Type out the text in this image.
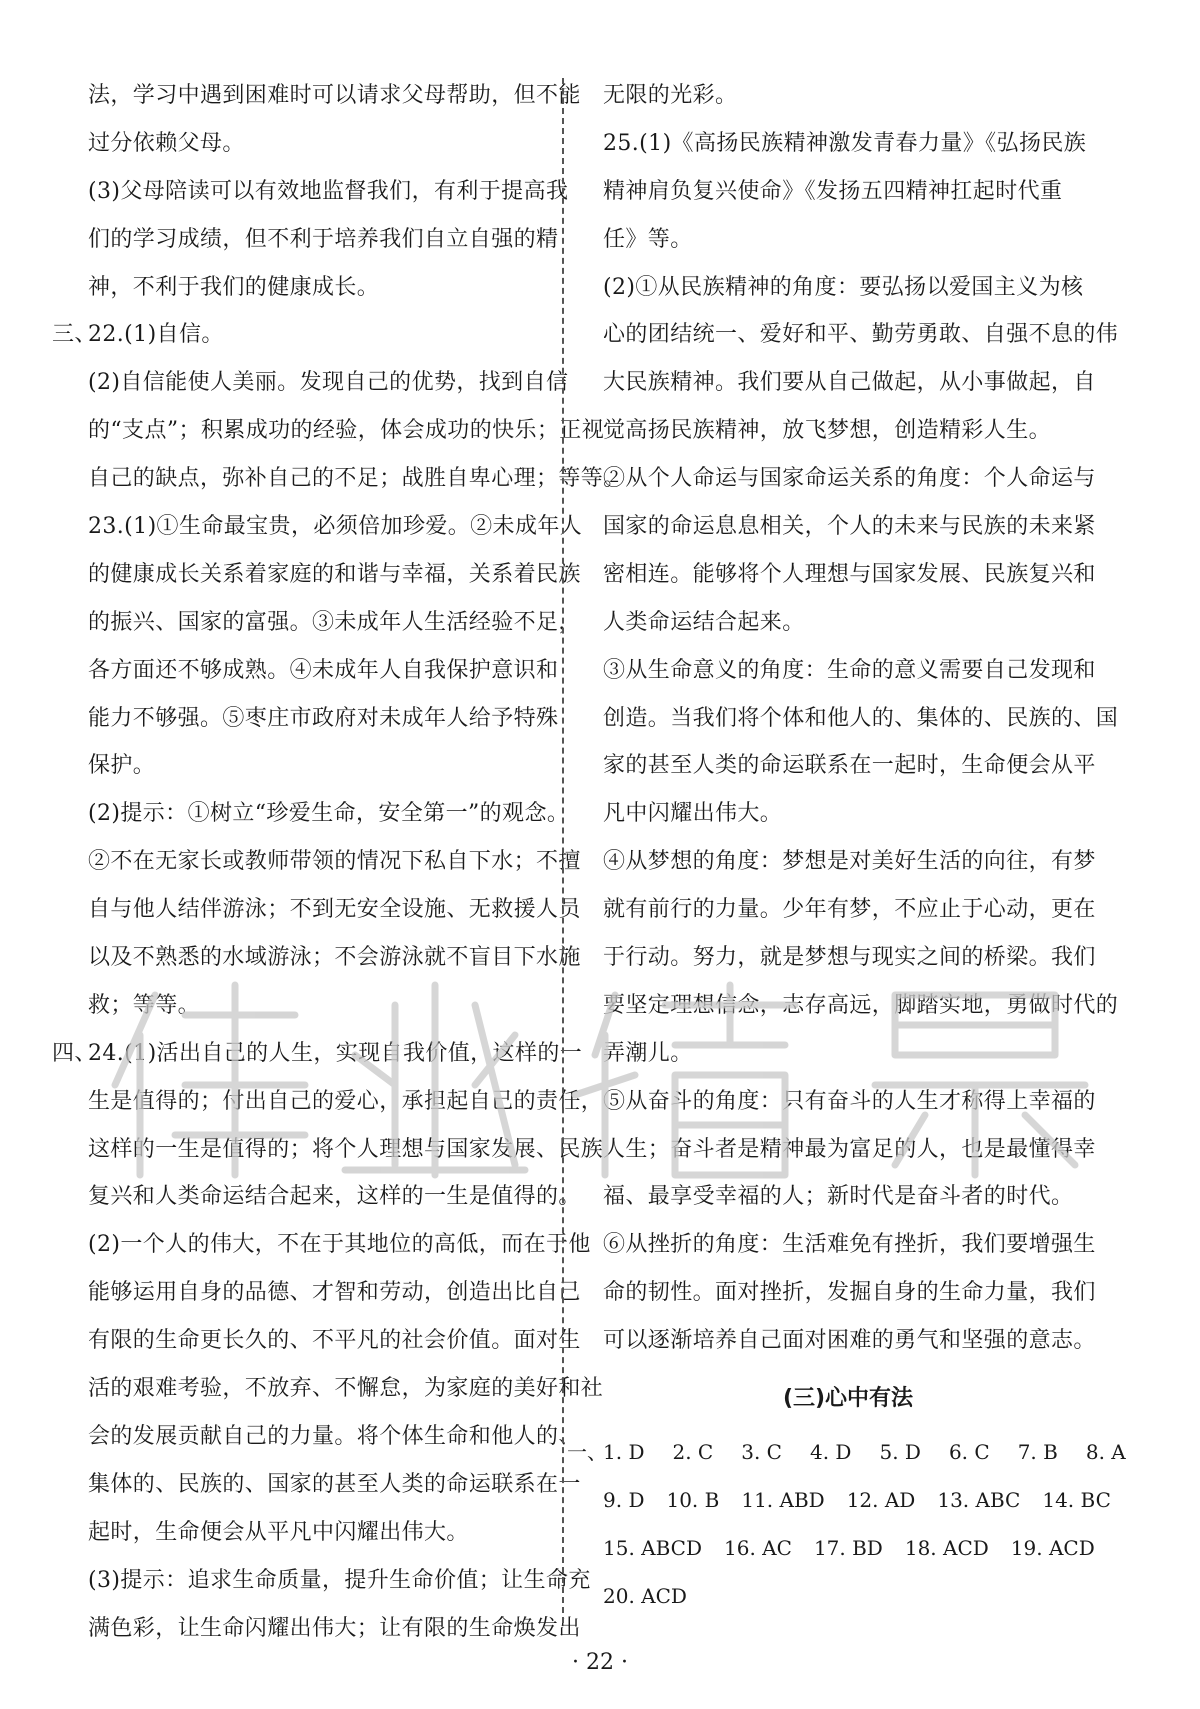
法，学习中遇到困难时可以请求父母帮助，但不能
过分依赖父母。
(3)父母陪读可以有效地监督我们，有利于提高我
们的学习成绩，但不利于培养我们自立自强的精
神，不利于我们的健康成长。
三、
22.(1)自信。
(2)自信能使人美丽。发现自己的优势，找到自信
的“支点”；积累成功的经验，体会成功的快乐；正视
自己的缺点，弥补自己的不足；战胜自卑心理；等等。
23.(1)①生命最宝贵，必须倍加珍爱。②未成年人
的健康成长关系着家庭的和谐与幸福，关系着民族
的振兴、国家的富强。③未成年人生活经验不足，
各方面还不够成熟。④未成年人自我保护意识和
能力不够强。⑤枣庄市政府对未成年人给予特殊
保护。
(2)提示：①树立“珍爱生命，安全第一”的观念。
②不在无家长或教师带领的情况下私自下水；不擅
自与他人结伴游泳；不到无安全设施、无救援人员
以及不熟悉的水域游泳；不会游泳就不盲目下水施
救；等等。
四、
24.(1)活出自己的人生，实现自我价值，这样的一
生是值得的；付出自己的爱心，承担起自己的责任，
这样的一生是值得的；将个人理想与国家发展、民族
复兴和人类命运结合起来，这样的一生是值得的。
(2)一个人的伟大，不在于其地位的高低，而在于他
能够运用自身的品德、才智和劳动，创造出比自己
有限的生命更长久的、不平凡的社会价值。面对生
活的艰难考验，不放弃、不懈怠，为家庭的美好和社
会的发展贡献自己的力量。将个体生命和他人的、
集体的、民族的、国家的甚至人类的命运联系在一
起时，生命便会从平凡中闪耀出伟大。
(3)提示：追求生命质量，提升生命价值；让生命充
满色彩，让生命闪耀出伟大；让有限的生命焕发出
无限的光彩。
25.(1)《高扬民族精神激发青春力量》《弘扬民族
精神肩负复兴使命》《发扬五四精神扛起时代重
任》等。
(2)①从民族精神的角度：要弘扬以爱国主义为核
心的团结统一、爱好和平、勤劳勇敢、自强不息的伟
大民族精神。我们要从自己做起，从小事做起，自
觉高扬民族精神，放飞梦想，创造精彩人生。
②从个人命运与国家命运关系的角度：个人命运与
国家的命运息息相关，个人的未来与民族的未来紧
密相连。能够将个人理想与国家发展、民族复兴和
人类命运结合起来。
③从生命意义的角度：生命的意义需要自己发现和
创造。当我们将个体和他人的、集体的、民族的、国
家的甚至人类的命运联系在一起时，生命便会从平
凡中闪耀出伟大。
④从梦想的角度：梦想是对美好生活的向往，有梦
就有前行的力量。少年有梦，不应止于心动，更在
于行动。努力，就是梦想与现实之间的桥梁。我们
要坚定理想信念，志存高远，脚踏实地，勇做时代的
弄潮儿。
⑤从奋斗的角度：只有奋斗的人生才称得上幸福的
人生；奋斗者是精神最为富足的人，也是最懂得幸
福、最享受幸福的人；新时代是奋斗者的时代。
⑥从挫折的角度：生活难免有挫折，我们要增强生
命的韧性。面对挫折，发掘自身的生命力量，我们
可以逐渐培养自己面对困难的勇气和坚强的意志。
(三)心中有法
一、
1. D 2. C 3. C 4. D 5. D 6. C 7. B 8. A
9. D 10. B 11. ABD 12. AD 13. ABC 14. BC
15. ABCD 16. AC 17. BD 18. ACD 19. ACD
20. ACD
· 22 ·
